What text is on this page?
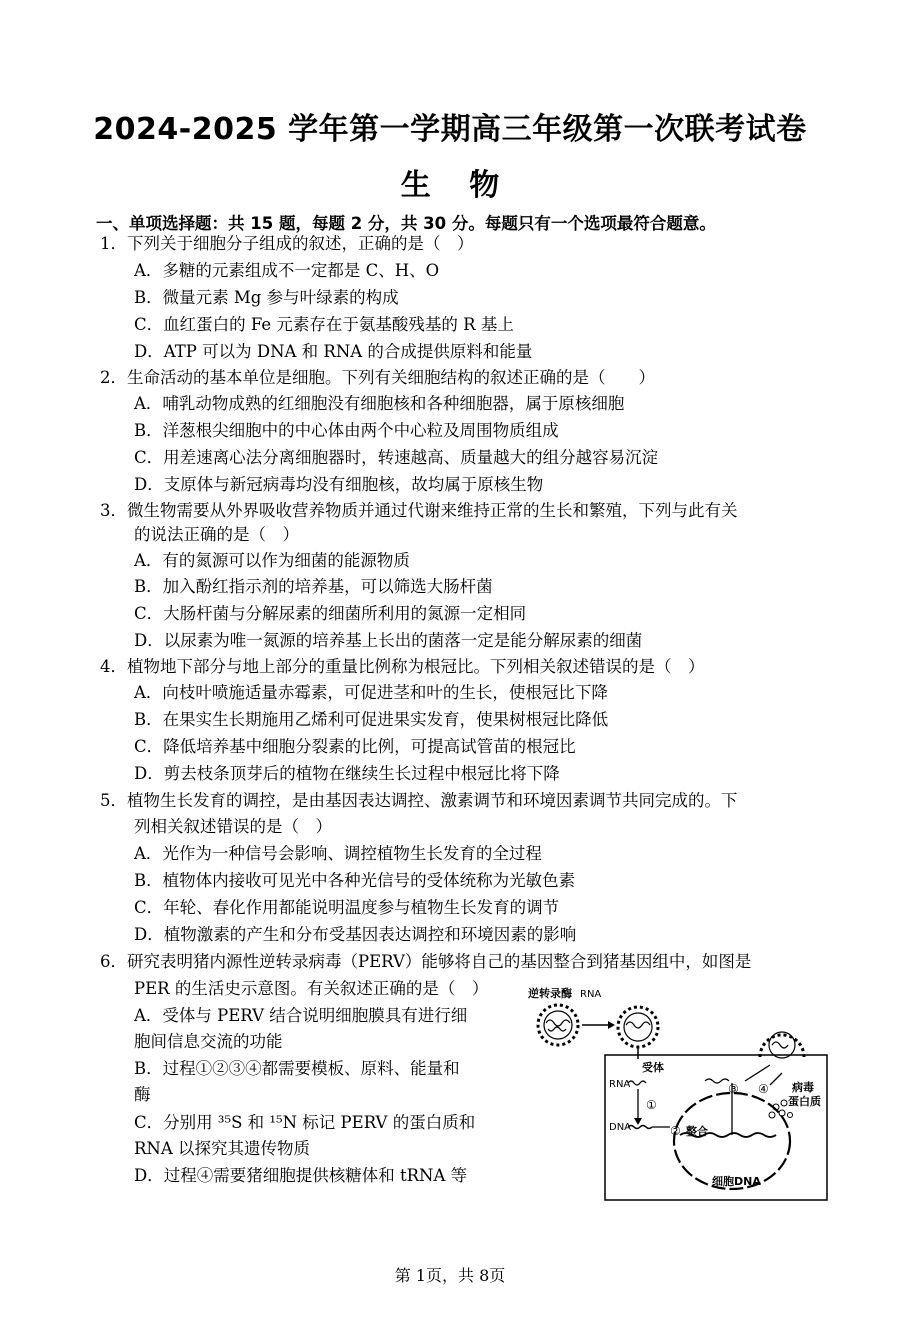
2024-2025 学年第一学期高三年级第一次联考试卷
生 物
一、单项选择题：共 15 题，每题 2 分，共 30 分。每题只有一个选项最符合题意。
1．下列关于细胞分子组成的叙述，正确的是（　）
A．多糖的元素组成不一定都是 C、H、O
B．微量元素 Mg 参与叶绿素的构成
C．血红蛋白的 Fe 元素存在于氨基酸残基的 R 基上
D．ATP 可以为 DNA 和 RNA 的合成提供原料和能量
2．生命活动的基本单位是细胞。下列有关细胞结构的叙述正确的是（　　）
A．哺乳动物成熟的红细胞没有细胞核和各种细胞器，属于原核细胞
B．洋葱根尖细胞中的中心体由两个中心粒及周围物质组成
C．用差速离心法分离细胞器时，转速越高、质量越大的组分越容易沉淀
D．支原体与新冠病毒均没有细胞核，故均属于原核生物
3．微生物需要从外界吸收营养物质并通过代谢来维持正常的生长和繁殖，下列与此有关
的说法正确的是（　）
A．有的氮源可以作为细菌的能源物质
B．加入酚红指示剂的培养基，可以筛选大肠杆菌
C．大肠杆菌与分解尿素的细菌所利用的氮源一定相同
D．以尿素为唯一氮源的培养基上长出的菌落一定是能分解尿素的细菌
4．植物地下部分与地上部分的重量比例称为根冠比。下列相关叙述错误的是（　）
A．向枝叶喷施适量赤霉素，可促进茎和叶的生长，使根冠比下降
B．在果实生长期施用乙烯利可促进果实发育，使果树根冠比降低
C．降低培养基中细胞分裂素的比例，可提高试管苗的根冠比
D．剪去枝条顶芽后的植物在继续生长过程中根冠比将下降
5．植物生长发育的调控，是由基因表达调控、激素调节和环境因素调节共同完成的。下
列相关叙述错误的是（　）
A．光作为一种信号会影响、调控植物生长发育的全过程
B．植物体内接收可见光中各种光信号的受体统称为光敏色素
C．年轮、春化作用都能说明温度参与植物生长发育的调节
D．植物激素的产生和分布受基因表达调控和环境因素的影响
6．研究表明猪内源性逆转录病毒（PERV）能够将自己的基因整合到猪基因组中，如图是
PER 的生活史示意图。有关叙述正确的是（　）
A．受体与 PERV 结合说明细胞膜具有进行细
胞间信息交流的功能
B．过程①②③④都需要模板、原料、能量和
酶
C．分别用 ³⁵S 和 ¹⁵N 标记 PERV 的蛋白质和
RNA 以探究其遗传物质
D．过程④需要猪细胞提供核糖体和 tRNA 等
逆转录酶 RNA
受体
RNA
DNA
①
② 整合
③ ④ 病毒
蛋白质
细胞DNA
第 1页，共 8页
